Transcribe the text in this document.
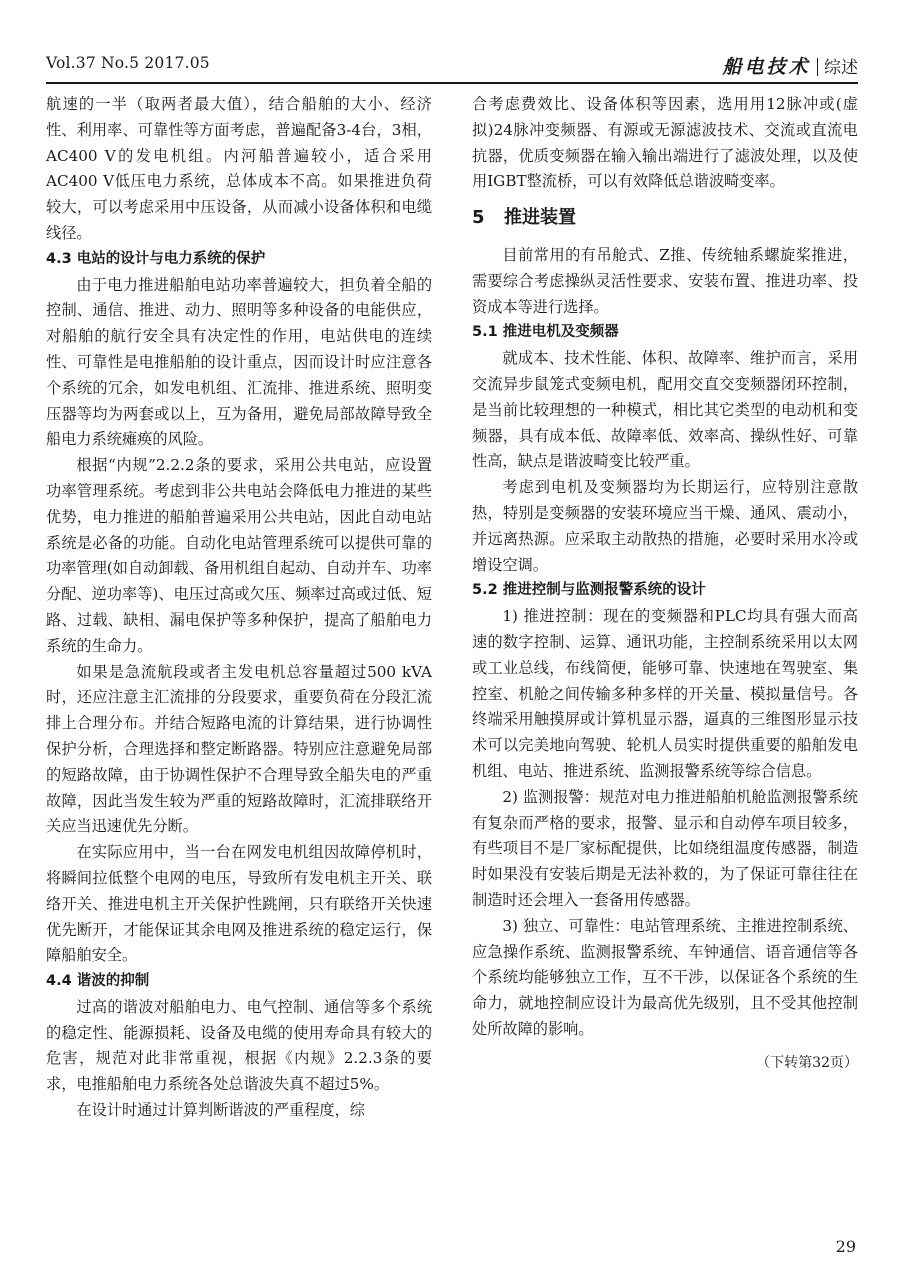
Vol.37 No.5 2017.05	船电技术 综述

航速的一半（取两者最大值），结合船舶的大小、经济性、利用率、可靠性等方面考虑，普遍配备3-4台，3相，AC400 V的发电机组。内河船普遍较小，适合采用AC400 V低压电力系统，总体成本不高。如果推进负荷较大，可以考虑采用中压设备，从而减小设备体积和电缆线径。

4.3 电站的设计与电力系统的保护

由于电力推进船舶电站功率普遍较大，担负着全船的控制、通信、推进、动力、照明等多种设备的电能供应，对船舶的航行安全具有决定性的作用，电站供电的连续性、可靠性是电推船舶的设计重点，因而设计时应注意各个系统的冗余，如发电机组、汇流排、推进系统、照明变压器等均为两套或以上，互为备用，避免局部故障导致全船电力系统瘫痪的风险。

根据“内规”2.2.2条的要求，采用公共电站，应设置功率管理系统。考虑到非公共电站会降低电力推进的某些优势，电力推进的船舶普遍采用公共电站，因此自动电站系统是必备的功能。自动化电站管理系统可以提供可靠的功率管理(如自动卸载、备用机组自起动、自动并车、功率分配、逆功率等)、电压过高或欠压、频率过高或过低、短路、过载、缺相、漏电保护等多种保护，提高了船舶电力系统的生命力。

如果是急流航段或者主发电机总容量超过500 kVA时，还应注意主汇流排的分段要求，重要负荷在分段汇流排上合理分布。并结合短路电流的计算结果，进行协调性保护分析，合理选择和整定断路器。特别应注意避免局部的短路故障，由于协调性保护不合理导致全船失电的严重故障，因此当发生较为严重的短路故障时，汇流排联络开关应当迅速优先分断。

在实际应用中，当一台在网发电机组因故障停机时，将瞬间拉低整个电网的电压，导致所有发电机主开关、联络开关、推进电机主开关保护性跳闸，只有联络开关快速优先断开，才能保证其余电网及推进系统的稳定运行，保障船舶安全。

4.4 谐波的抑制

过高的谐波对船舶电力、电气控制、通信等多个系统的稳定性、能源损耗、设备及电缆的使用寿命具有较大的危害，规范对此非常重视，根据《内规》2.2.3条的要求，电推船舶电力系统各处总谐波失真不超过5%。

在设计时通过计算判断谐波的严重程度，综

合考虑费效比、设备体积等因素，选用用12脉冲或(虚拟)24脉冲变频器、有源或无源滤波技术、交流或直流电抗器，优质变频器在输入输出端进行了滤波处理，以及使用IGBT整流桥，可以有效降低总谐波畸变率。

5 推进装置

目前常用的有吊舱式、Z推、传统轴系螺旋桨推进，需要综合考虑操纵灵活性要求、安装布置、推进功率、投资成本等进行选择。

5.1 推进电机及变频器

就成本、技术性能、体积、故障率、维护而言，采用交流异步鼠笼式变频电机，配用交直交变频器闭环控制，是当前比较理想的一种模式，相比其它类型的电动机和变频器，具有成本低、故障率低、效率高、操纵性好、可靠性高，缺点是谐波畸变比较严重。

考虑到电机及变频器均为长期运行，应特别注意散热，特别是变频器的安装环境应当干燥、通风、震动小，并远离热源。应采取主动散热的措施，必要时采用水冷或增设空调。

5.2 推进控制与监测报警系统的设计

1) 推进控制：现在的变频器和PLC均具有强大而高速的数字控制、运算、通讯功能，主控制系统采用以太网或工业总线，布线简便，能够可靠、快速地在驾驶室、集控室、机舱之间传输多种多样的开关量、模拟量信号。各终端采用触摸屏或计算机显示器，逼真的三维图形显示技术可以完美地向驾驶、轮机人员实时提供重要的船舶发电机组、电站、推进系统、监测报警系统等综合信息。

2) 监测报警：规范对电力推进船舶机舱监测报警系统有复杂而严格的要求，报警、显示和自动停车项目较多，有些项目不是厂家标配提供，比如绕组温度传感器，制造时如果没有安装后期是无法补救的，为了保证可靠往往在制造时还会埋入一套备用传感器。

3) 独立、可靠性：电站管理系统、主推进控制系统、应急操作系统、监测报警系统、车钟通信、语音通信等各个系统均能够独立工作，互不干涉，以保证各个系统的生命力，就地控制应设计为最高优先级别，且不受其他控制处所故障的影响。

（下转第32页）

29
